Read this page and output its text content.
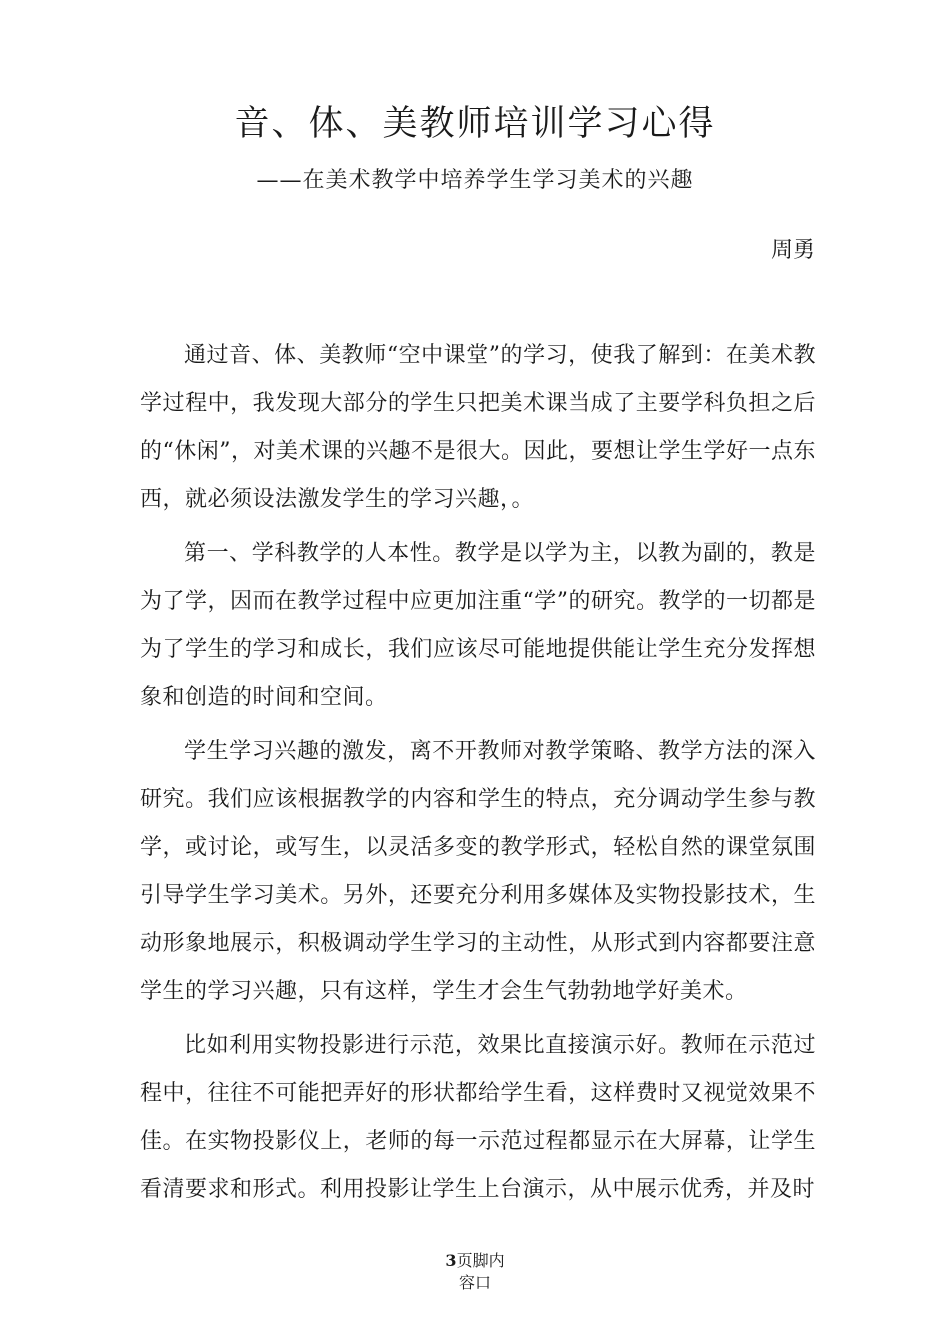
音、体、美教师培训学习心得
——在美术教学中培养学生学习美术的兴趣
周勇

通过音、体、美教师“空中课堂”的学习，使我了解到：在美术教学过程中，我发现大部分的学生只把美术课当成了主要学科负担之后的“休闲”，对美术课的兴趣不是很大。因此，要想让学生学好一点东西，就必须设法激发学生的学习兴趣，。

第一、学科教学的人本性。教学是以学为主，以教为副的，教是为了学，因而在教学过程中应更加注重“学”的研究。教学的一切都是为了学生的学习和成长，我们应该尽可能地提供能让学生充分发挥想象和创造的时间和空间。

学生学习兴趣的激发，离不开教师对教学策略、教学方法的深入研究。我们应该根据教学的内容和学生的特点，充分调动学生参与教学，或讨论，或写生，以灵活多变的教学形式，轻松自然的课堂氛围引导学生学习美术。另外，还要充分利用多媒体及实物投影技术，生动形象地展示，积极调动学生学习的主动性，从形式到内容都要注意学生的学习兴趣，只有这样，学生才会生气勃勃地学好美术。

比如利用实物投影进行示范，效果比直接演示好。教师在示范过程中，往往不可能把弄好的形状都给学生看，这样费时又视觉效果不佳。在实物投影仪上，老师的每一示范过程都显示在大屏幕，让学生看清要求和形式。利用投影让学生上台演示，从中展示优秀，并及时

3页脚内
容口
